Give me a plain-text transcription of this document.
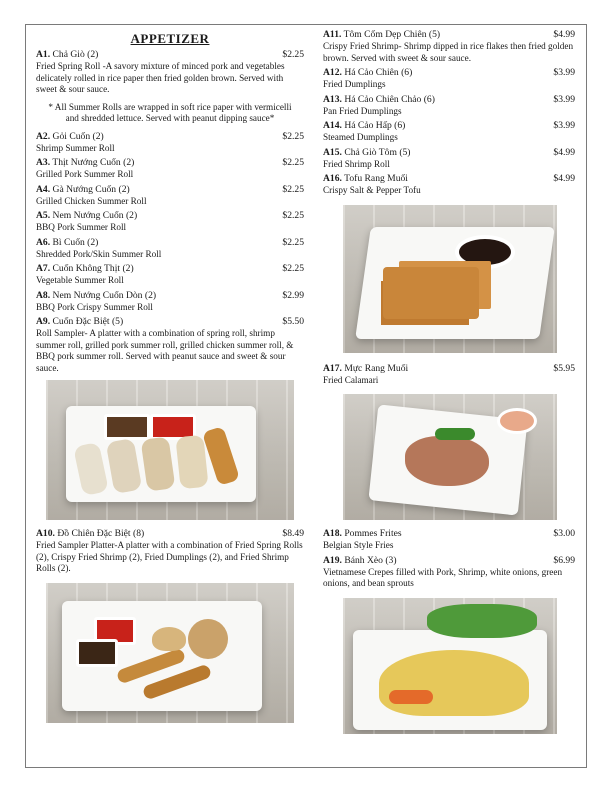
APPETIZER
A1. Chả Giò (2)	$2.25
Fried Spring Roll -A savory mixture of minced pork and vegetables delicately rolled in rice paper then fried golden brown. Served with sweet & sour sauce.
* All Summer Rolls are wrapped in soft rice paper with vermicelli and shredded lettuce. Served with peanut dipping sauce*
A2. Gỏi Cuốn (2)	$2.25
Shrimp Summer Roll
A3. Thịt Nướng Cuốn (2)	$2.25
Grilled Pork Summer Roll
A4. Gà Nướng Cuốn (2)	$2.25
Grilled Chicken Summer Roll
A5. Nem Nướng Cuốn (2)	$2.25
BBQ Pork Summer Roll
A6. Bì Cuốn (2)	$2.25
Shredded Pork/Skin Summer Roll
A7. Cuốn Không Thịt (2)	$2.25
Vegetable Summer Roll
A8. Nem Nướng Cuốn Dòn (2)	$2.99
BBQ Pork Crispy Summer Roll
A9. Cuốn Đặc Biệt (5)	$5.50
Roll Sampler- A platter with a combination of spring roll, shrimp summer roll, grilled pork summer roll, grilled chicken summer roll, & BBQ pork summer roll. Served with peanut sauce and sweet & sour sauce.
A10. Đồ Chiên Đặc Biệt (8)	$8.49
Fried Sampler Platter-A platter with a combination of Fried Spring Rolls (2), Crispy Fried Shrimp (2), Fried Dumplings (2), and Fried Shrimp Rolls (2).
A11. Tôm Cốm Dẹp Chiên (5)	$4.99
Crispy Fried Shrimp- Shrimp dipped in rice flakes then fried golden brown. Served with sweet & sour sauce.
A12. Há Cảo Chiên (6)	$3.99
Fried Dumplings
A13. Há Cảo Chiên Chảo (6)	$3.99
Pan Fried Dumplings
A14. Há Cảo Hấp (6)	$3.99
Steamed Dumplings
A15. Chả Giò Tôm (5)	$4.99
Fried Shrimp Roll
A16. Tofu Rang Muối	$4.99
Crispy Salt & Pepper Tofu
A17. Mực Rang Muối	$5.95
Fried Calamari
A18. Pommes Frites	$3.00
Belgian Style Fries
A19. Bánh Xèo (3)	$6.99
Vietnamese Crepes filled with Pork, Shrimp, white onions, green onions, and bean sprouts
